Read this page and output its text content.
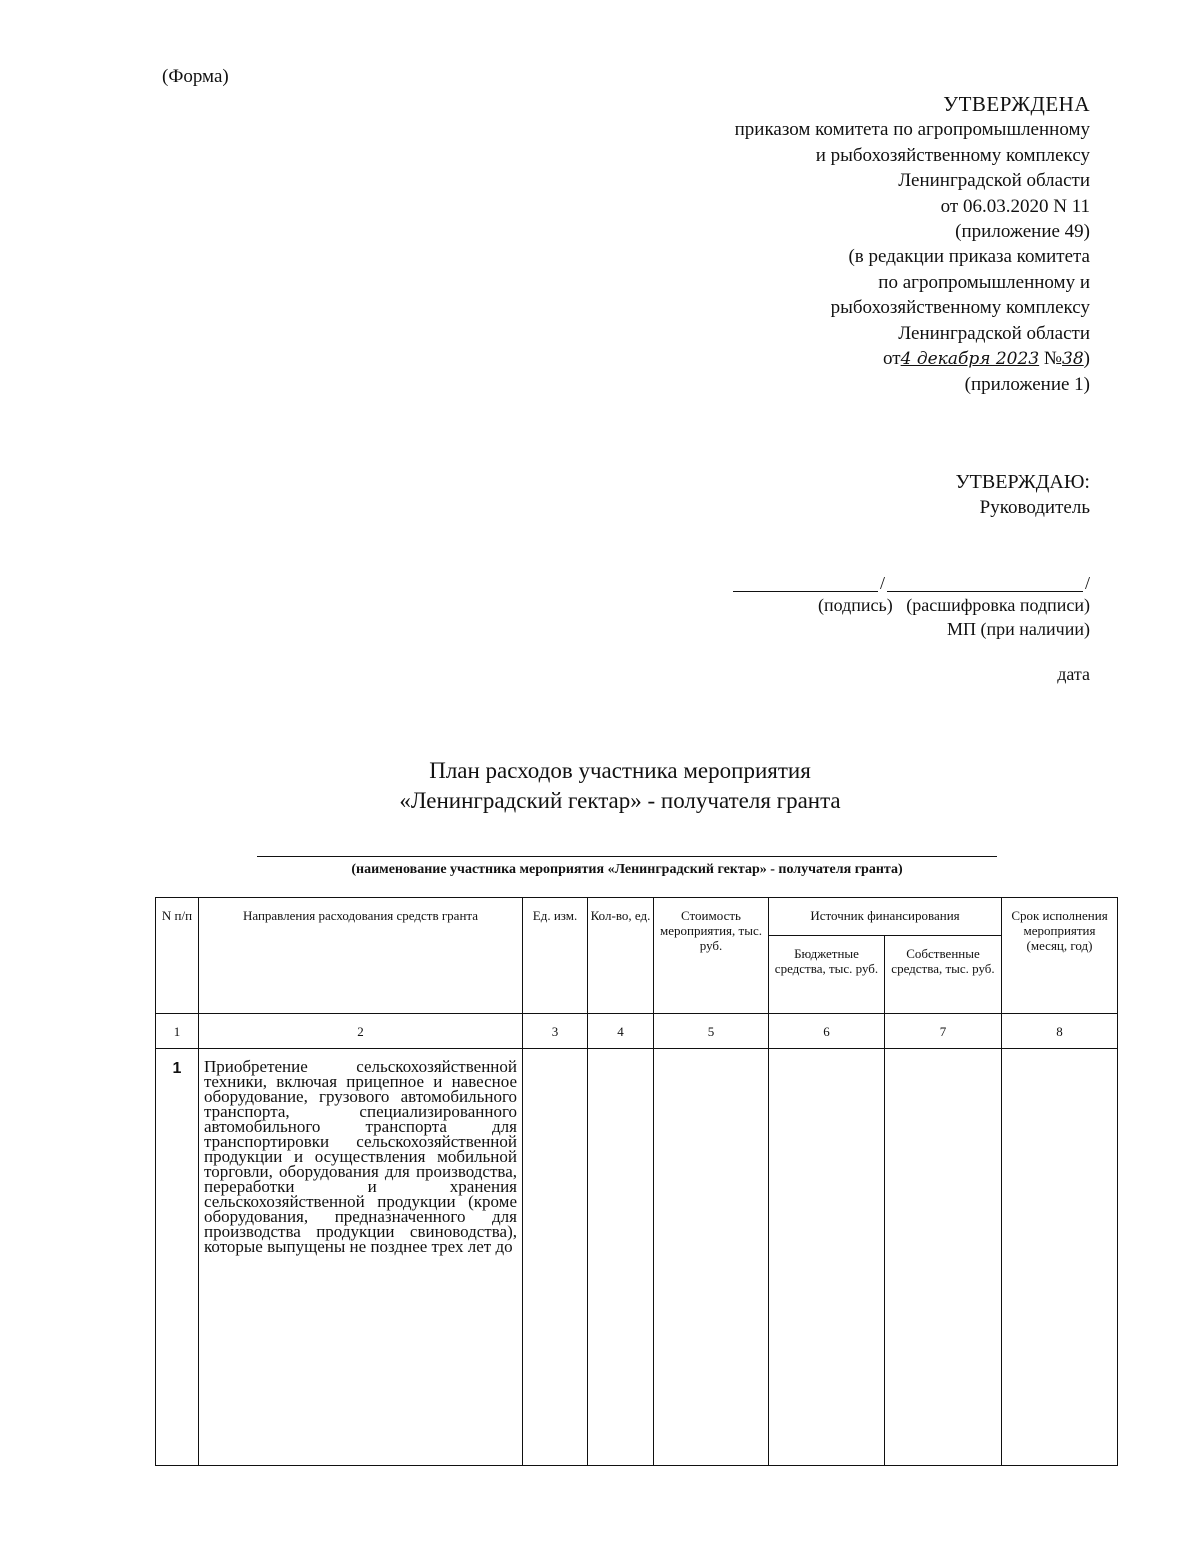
(Форма)
УТВЕРЖДЕНА
приказом комитета по агропромышленному
и рыбохозяйственному комплексу
Ленинградской области
от 06.03.2020 N 11
(приложение 49)
(в редакции приказа комитета
по агропромышленному и
рыбохозяйственному комплексу
Ленинградской области
от4 декабря 2023 №38)
(приложение 1)
УТВЕРЖДАЮ:
Руководитель
/	/
(подпись) (расшифровка подписи)
МП (при наличии)
дата
План расходов участника мероприятия
«Ленинградский гектар» - получателя гранта
(наименование участника мероприятия «Ленинградский гектар» - получателя гранта)
N п/п	Направления расходования средств гранта	Ед. изм.	Кол-во, ед.	Стоимость мероприятия, тыс. руб.	Источник финансирования		Срок исполнения мероприятия (месяц, год)
					Бюджетные средства, тыс. руб.	Собственные средства, тыс. руб.	
1	2	3	4	5	6	7	8
1	Приобретение сельскохозяйственной техники, включая прицепное и навесное оборудование, грузового автомобильного транспорта, специализированного автомобильного транспорта для транспортировки сельскохозяйственной продукции и осуществления мобильной торговли, оборудования для производства, переработки и хранения сельскохозяйственной продукции (кроме оборудования, предназначенного для производства продукции свиноводства), которые выпущены не позднее трех лет до						
